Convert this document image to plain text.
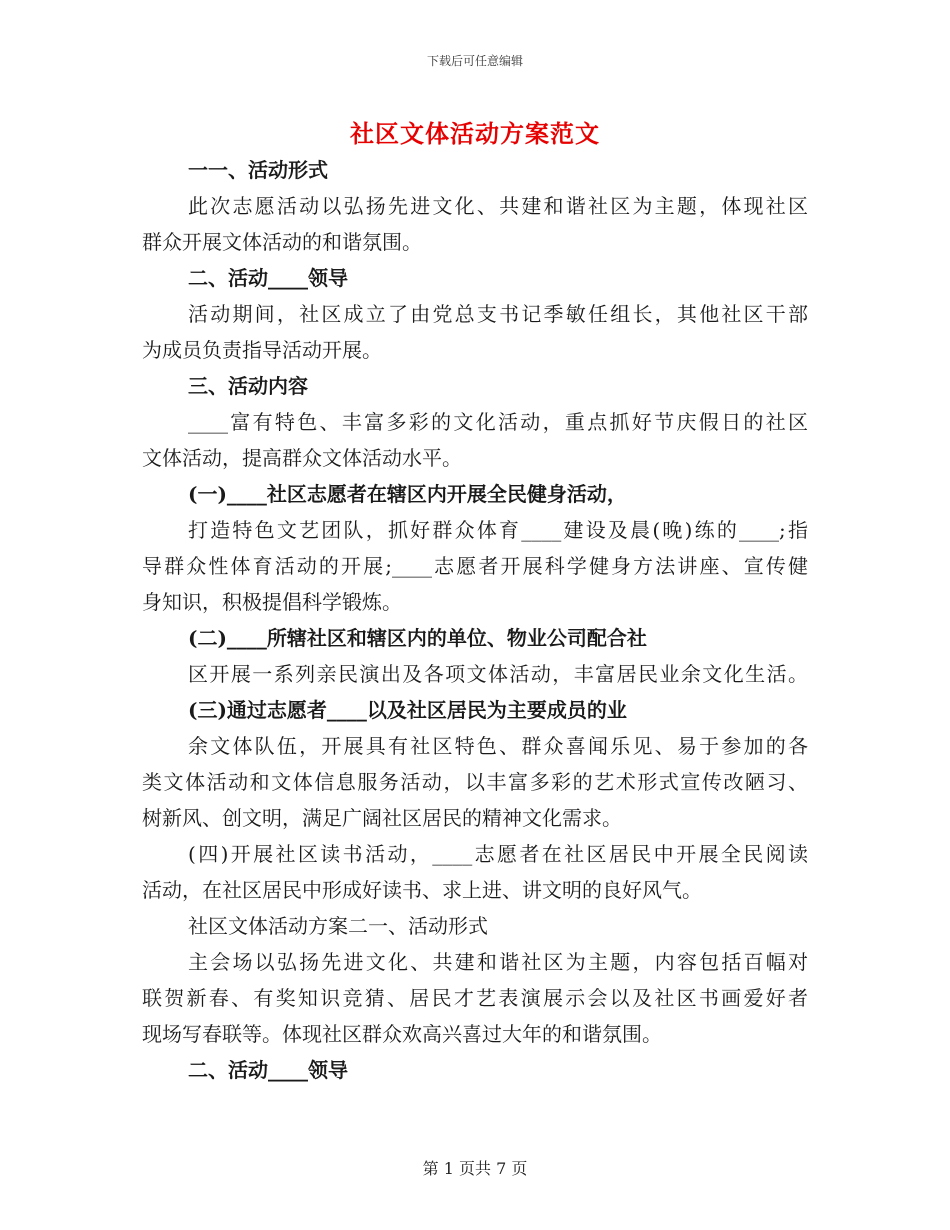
下载后可任意编辑
社区文体活动方案范文
一一、活动形式
此次志愿活动以弘扬先进文化、共建和谐社区为主题，体现社区
群众开展文体活动的和谐氛围。
二、活动____领导
活动期间，社区成立了由党总支书记季敏任组长，其他社区干部
为成员负责指导活动开展。
三、活动内容
____富有特色、丰富多彩的文化活动，重点抓好节庆假日的社区
文体活动，提高群众文体活动水平。
(一)____社区志愿者在辖区内开展全民健身活动，
打造特色文艺团队，抓好群众体育____建设及晨(晚)练的____;指
导群众性体育活动的开展;____志愿者开展科学健身方法讲座、宣传健
身知识，积极提倡科学锻炼。
(二)____所辖社区和辖区内的单位、物业公司配合社
区开展一系列亲民演出及各项文体活动，丰富居民业余文化生活。
(三)通过志愿者____以及社区居民为主要成员的业
余文体队伍，开展具有社区特色、群众喜闻乐见、易于参加的各
类文体活动和文体信息服务活动，以丰富多彩的艺术形式宣传改陋习、
树新风、创文明，满足广阔社区居民的精神文化需求。
(四)开展社区读书活动，____志愿者在社区居民中开展全民阅读
活动，在社区居民中形成好读书、求上进、讲文明的良好风气。
社区文体活动方案二一、活动形式
主会场以弘扬先进文化、共建和谐社区为主题，内容包括百幅对
联贺新春、有奖知识竞猜、居民才艺表演展示会以及社区书画爱好者
现场写春联等。体现社区群众欢高兴喜过大年的和谐氛围。
二、活动____领导
第 1 页共 7 页
